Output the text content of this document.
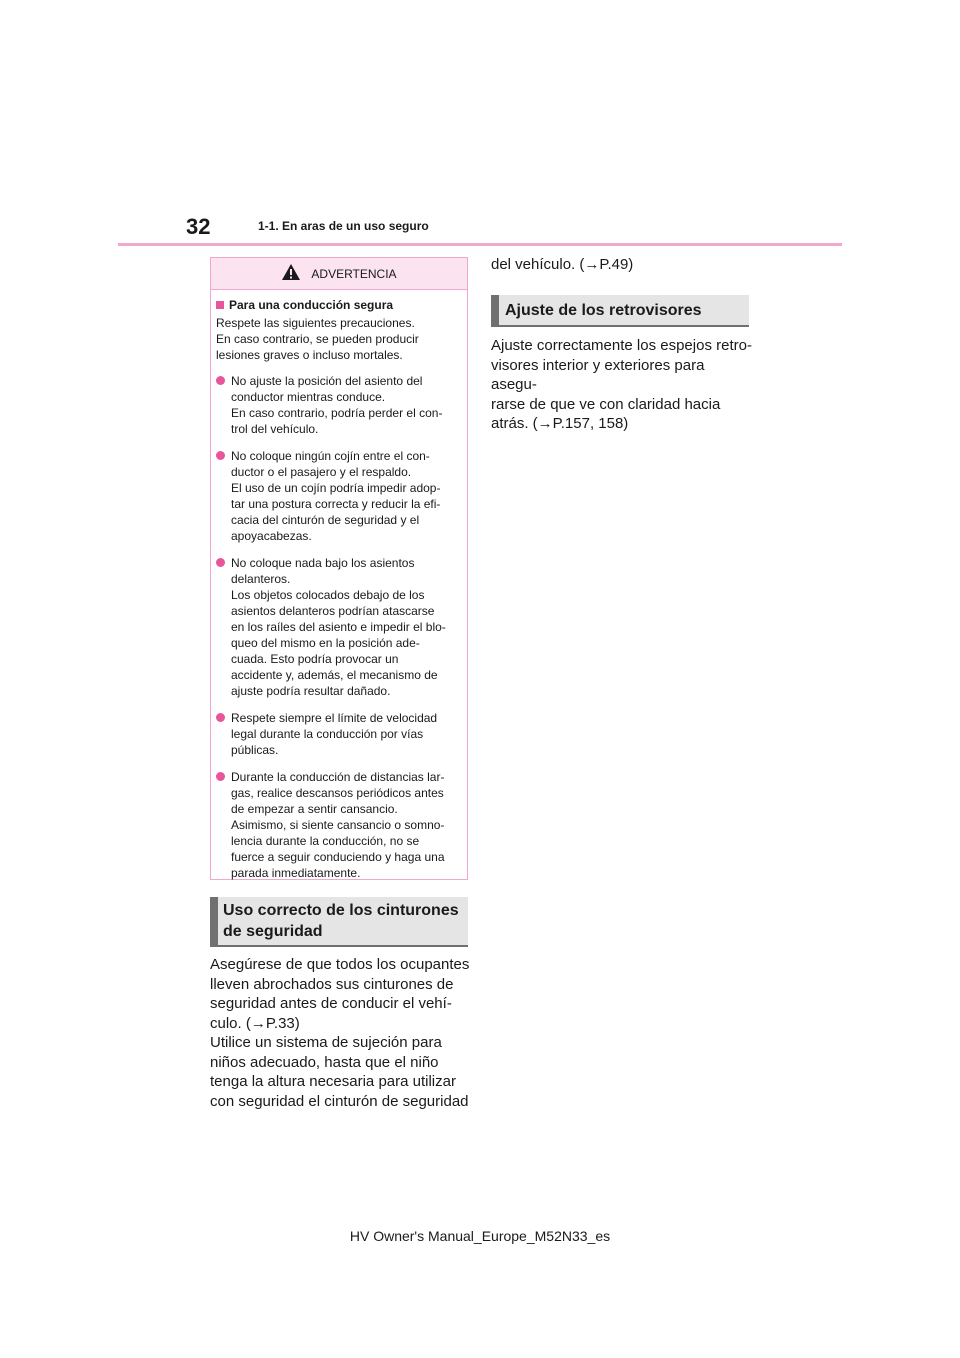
32	1-1. En aras de un uso seguro
ADVERTENCIA
Para una conducción segura
Respete las siguientes precauciones.
En caso contrario, se pueden producir
lesiones graves o incluso mortales.

No ajuste la posición del asiento del
conductor mientras conduce.
En caso contrario, podría perder el con-
trol del vehículo.

No coloque ningún cojín entre el con-
ductor o el pasajero y el respaldo.
El uso de un cojín podría impedir adop-
tar una postura correcta y reducir la efi-
cacia del cinturón de seguridad y el
apoyacabezas.

No coloque nada bajo los asientos
delanteros.
Los objetos colocados debajo de los
asientos delanteros podrían atascarse
en los raíles del asiento e impedir el blo-
queo del mismo en la posición ade-
cuada. Esto podría provocar un
accidente y, además, el mecanismo de
ajuste podría resultar dañado.

Respete siempre el límite de velocidad
legal durante la conducción por vías
públicas.

Durante la conducción de distancias lar-
gas, realice descansos periódicos antes
de empezar a sentir cansancio.
Asimismo, si siente cansancio o somno-
lencia durante la conducción, no se
fuerce a seguir conduciendo y haga una
parada inmediatamente.

Uso correcto de los cinturones
de seguridad
Asegúrese de que todos los ocupantes
lleven abrochados sus cinturones de
seguridad antes de conducir el vehí-
culo. (→P.33)
Utilice un sistema de sujeción para
niños adecuado, hasta que el niño
tenga la altura necesaria para utilizar
con seguridad el cinturón de seguridad
del vehículo. (→P.49)
Ajuste de los retrovisores
Ajuste correctamente los espejos retro-
visores interior y exteriores para asegu-
rarse de que ve con claridad hacia
atrás. (→P.157, 158)
HV Owner's Manual_Europe_M52N33_es
